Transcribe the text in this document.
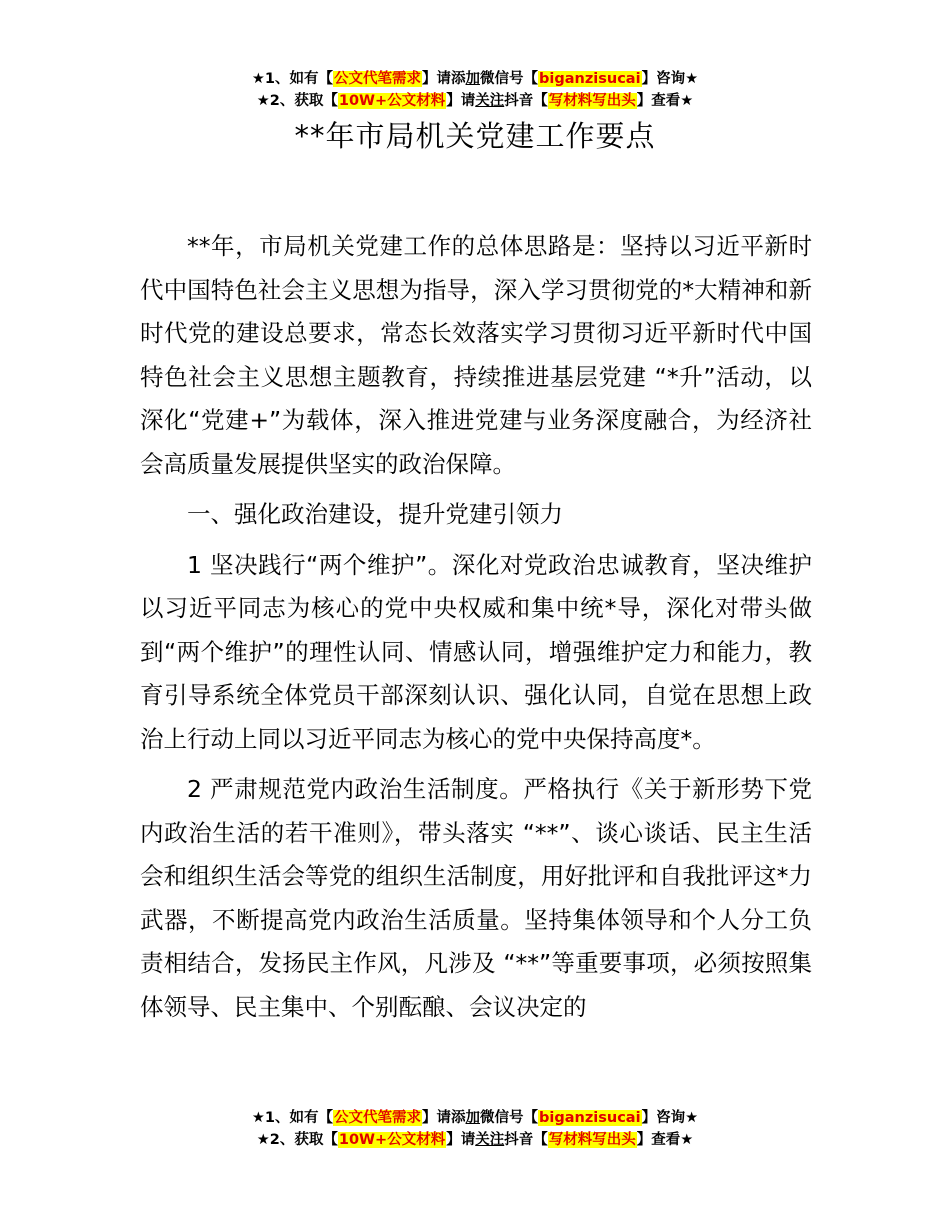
★1、如有【公文代笔需求】请添加微信号【biganzisucai】咨询★
★2、获取【10W+公文材料】请关注抖音【写材料写出头】查看★
**年市局机关党建工作要点

**年，市局机关党建工作的总体思路是：坚持以习近平新时代中国特色社会主义思想为指导，深入学习贯彻党的*大精神和新时代党的建设总要求，常态长效落实学习贯彻习近平新时代中国特色社会主义思想主题教育，持续推进基层党建 “*升”活动，以深化“党建+”为载体，深入推进党建与业务深度融合，为经济社会高质量发展提供坚实的政治保障。

一、强化政治建设，提升党建引领力

1 坚决践行“两个维护”。深化对党政治忠诚教育，坚决维护以习近平同志为核心的党中央权威和集中统*导，深化对带头做到“两个维护”的理性认同、情感认同，增强维护定力和能力，教育引导系统全体党员干部深刻认识、强化认同，自觉在思想上政治上行动上同以习近平同志为核心的党中央保持高度*。

2 严肃规范党内政治生活制度。严格执行《关于新形势下党内政治生活的若干准则》，带头落实 “**”、谈心谈话、民主生活会和组织生活会等党的组织生活制度，用好批评和自我批评这*力武器，不断提高党内政治生活质量。坚持集体领导和个人分工负责相结合，发扬民主作风，凡涉及 “**”等重要事项，必须按照集体领导、民主集中、个别酝酿、会议决定的

★1、如有【公文代笔需求】请添加微信号【biganzisucai】咨询★
★2、获取【10W+公文材料】请关注抖音【写材料写出头】查看★
